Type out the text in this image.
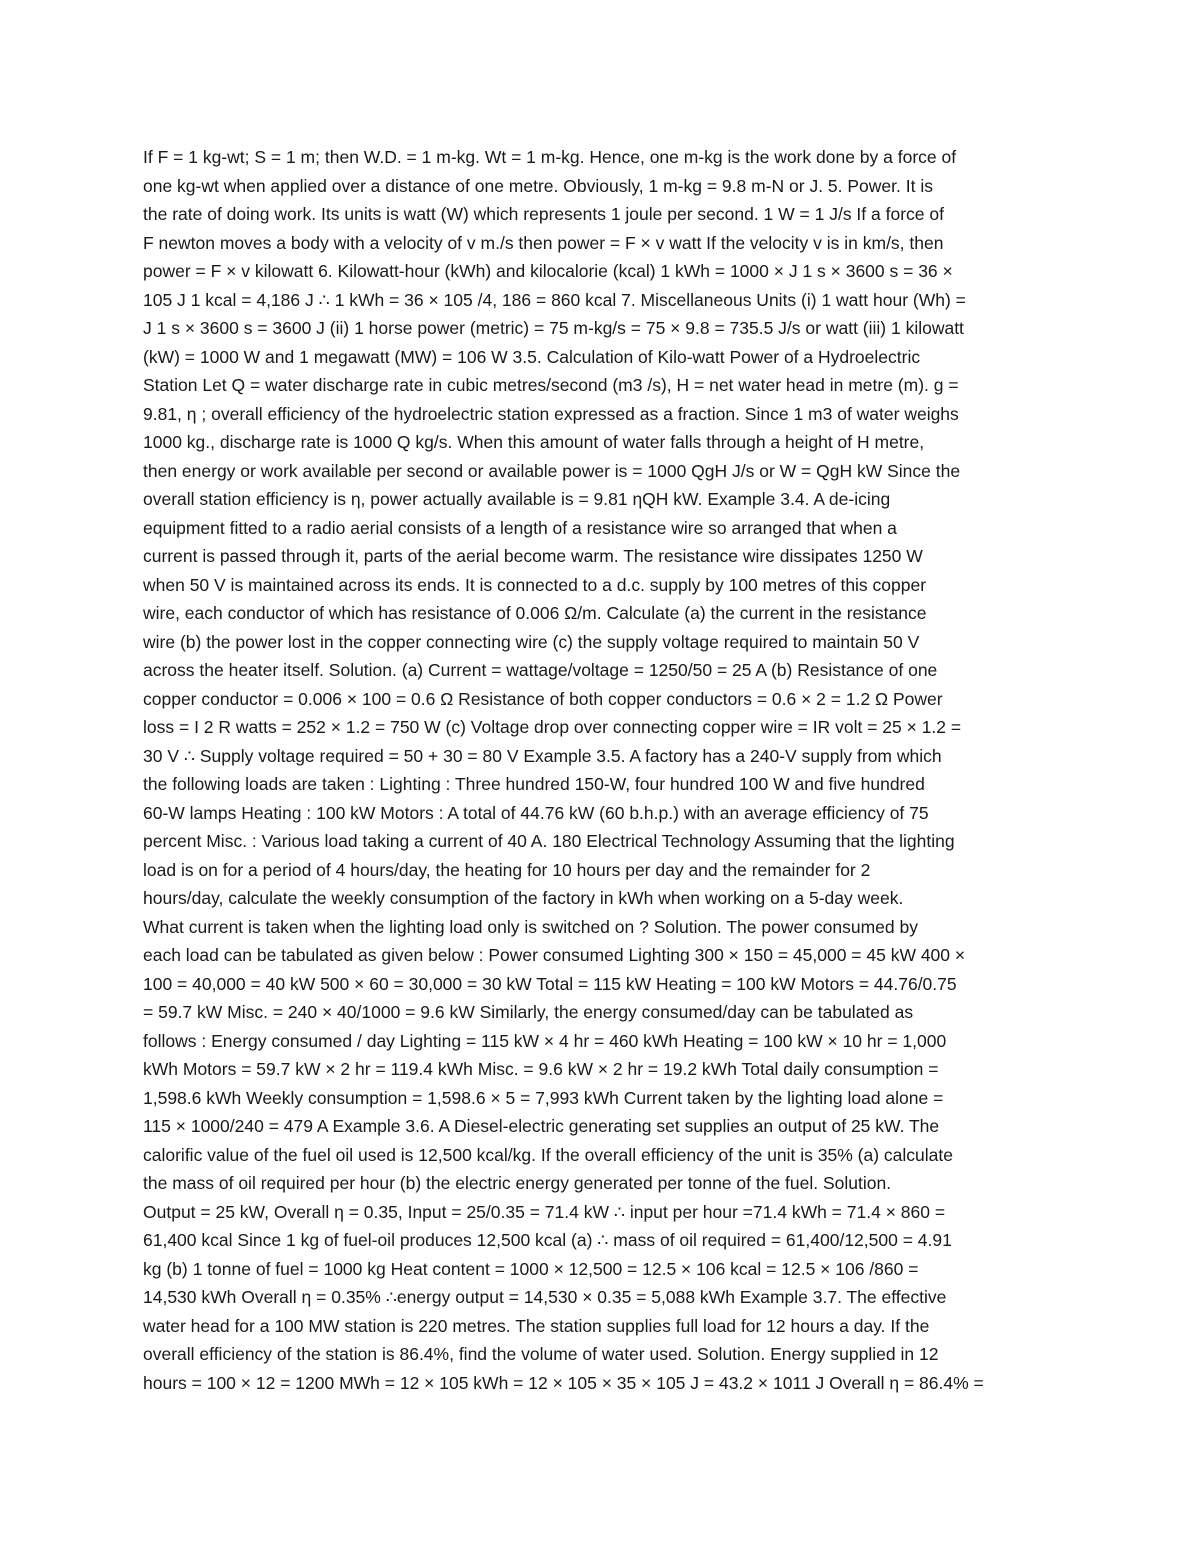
If F = 1 kg-wt; S = 1 m; then W.D. = 1 m-kg. Wt = 1 m-kg. Hence, one m-kg is the work done by a force of
one kg-wt when applied over a distance of one metre. Obviously, 1 m-kg = 9.8 m-N or J. 5. Power. It is
the rate of doing work. Its units is watt (W) which represents 1 joule per second. 1 W = 1 J/s If a force of
F newton moves a body with a velocity of v m./s then power = F × v watt If the velocity v is in km/s, then
power = F × v kilowatt 6. Kilowatt-hour (kWh) and kilocalorie (kcal) 1 kWh = 1000 × J 1 s × 3600 s = 36 ×
105 J 1 kcal = 4,186 J ∴ 1 kWh = 36 × 105 /4, 186 = 860 kcal 7. Miscellaneous Units (i) 1 watt hour (Wh) =
J 1 s × 3600 s = 3600 J (ii) 1 horse power (metric) = 75 m-kg/s = 75 × 9.8 = 735.5 J/s or watt (iii) 1 kilowatt
(kW) = 1000 W and 1 megawatt (MW) = 106 W 3.5. Calculation of Kilo-watt Power of a Hydroelectric
Station Let Q = water discharge rate in cubic metres/second (m3 /s), H = net water head in metre (m). g =
9.81, η ; overall efficiency of the hydroelectric station expressed as a fraction. Since 1 m3 of water weighs
1000 kg., discharge rate is 1000 Q kg/s. When this amount of water falls through a height of H metre,
then energy or work available per second or available power is = 1000 QgH J/s or W = QgH kW Since the
overall station efficiency is η, power actually available is = 9.81 ηQH kW. Example 3.4. A de-icing
equipment fitted to a radio aerial consists of a length of a resistance wire so arranged that when a
current is passed through it, parts of the aerial become warm. The resistance wire dissipates 1250 W
when 50 V is maintained across its ends. It is connected to a d.c. supply by 100 metres of this copper
wire, each conductor of which has resistance of 0.006 Ω/m. Calculate (a) the current in the resistance
wire (b) the power lost in the copper connecting wire (c) the supply voltage required to maintain 50 V
across the heater itself. Solution. (a) Current = wattage/voltage = 1250/50 = 25 A (b) Resistance of one
copper conductor = 0.006 × 100 = 0.6 Ω Resistance of both copper conductors = 0.6 × 2 = 1.2 Ω Power
loss = I 2 R watts = 252 × 1.2 = 750 W (c) Voltage drop over connecting copper wire = IR volt = 25 × 1.2 =
30 V ∴ Supply voltage required = 50 + 30 = 80 V Example 3.5. A factory has a 240-V supply from which
the following loads are taken : Lighting : Three hundred 150-W, four hundred 100 W and five hundred
60-W lamps Heating : 100 kW Motors : A total of 44.76 kW (60 b.h.p.) with an average efficiency of 75
percent Misc. : Various load taking a current of 40 A. 180 Electrical Technology Assuming that the lighting
load is on for a period of 4 hours/day, the heating for 10 hours per day and the remainder for 2
hours/day, calculate the weekly consumption of the factory in kWh when working on a 5-day week.
What current is taken when the lighting load only is switched on ? Solution. The power consumed by
each load can be tabulated as given below : Power consumed Lighting 300 × 150 = 45,000 = 45 kW 400 ×
100 = 40,000 = 40 kW 500 × 60 = 30,000 = 30 kW Total = 115 kW Heating = 100 kW Motors = 44.76/0.75
= 59.7 kW Misc. = 240 × 40/1000 = 9.6 kW Similarly, the energy consumed/day can be tabulated as
follows : Energy consumed / day Lighting = 115 kW × 4 hr = 460 kWh Heating = 100 kW × 10 hr = 1,000
kWh Motors = 59.7 kW × 2 hr = 119.4 kWh Misc. = 9.6 kW × 2 hr = 19.2 kWh Total daily consumption =
1,598.6 kWh Weekly consumption = 1,598.6 × 5 = 7,993 kWh Current taken by the lighting load alone =
115 × 1000/240 = 479 A Example 3.6. A Diesel-electric generating set supplies an output of 25 kW. The
calorific value of the fuel oil used is 12,500 kcal/kg. If the overall efficiency of the unit is 35% (a) calculate
the mass of oil required per hour (b) the electric energy generated per tonne of the fuel. Solution.
Output = 25 kW, Overall η = 0.35, Input = 25/0.35 = 71.4 kW ∴ input per hour =71.4 kWh = 71.4 × 860 =
61,400 kcal Since 1 kg of fuel-oil produces 12,500 kcal (a) ∴ mass of oil required = 61,400/12,500 = 4.91
kg (b) 1 tonne of fuel = 1000 kg Heat content = 1000 × 12,500 = 12.5 × 106 kcal = 12.5 × 106 /860 =
14,530 kWh Overall η = 0.35% ∴energy output = 14,530 × 0.35 = 5,088 kWh Example 3.7. The effective
water head for a 100 MW station is 220 metres. The station supplies full load for 12 hours a day. If the
overall efficiency of the station is 86.4%, find the volume of water used. Solution. Energy supplied in 12
hours = 100 × 12 = 1200 MWh = 12 × 105 kWh = 12 × 105 × 35 × 105 J = 43.2 × 1011 J Overall η = 86.4% =
